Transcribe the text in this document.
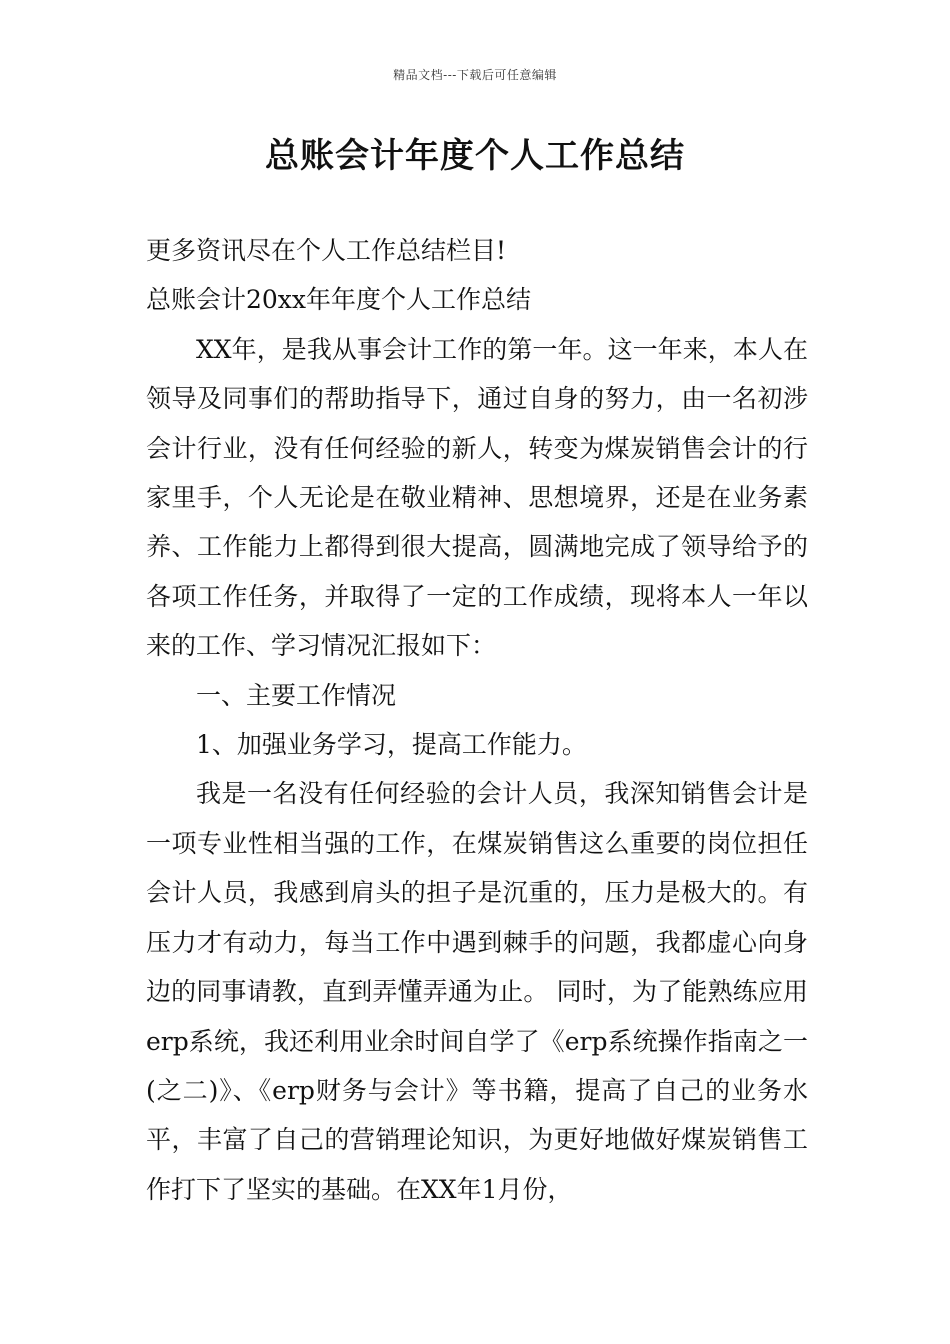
精品文档---下载后可任意编辑
总账会计年度个人工作总结

更多资讯尽在个人工作总结栏目!

总账会计20xx年年度个人工作总结

XX年，是我从事会计工作的第一年。这一年来，本人在领导及同事们的帮助指导下，通过自身的努力，由一名初涉会计行业，没有任何经验的新人，转变为煤炭销售会计的行家里手，个人无论是在敬业精神、思想境界，还是在业务素养、工作能力上都得到很大提高，圆满地完成了领导给予的各项工作任务，并取得了一定的工作成绩，现将本人一年以来的工作、学习情况汇报如下：

一、主要工作情况

1、加强业务学习，提高工作能力。

我是一名没有任何经验的会计人员，我深知销售会计是一项专业性相当强的工作，在煤炭销售这么重要的岗位担任会计人员，我感到肩头的担子是沉重的，压力是极大的。有压力才有动力，每当工作中遇到棘手的问题，我都虚心向身边的同事请教，直到弄懂弄通为止。 同时，为了能熟练应用erp系统，我还利用业余时间自学了《erp系统操作指南之一(之二)》、《erp财务与会计》等书籍，提高了自己的业务水平，丰富了自己的营销理论知识，为更好地做好煤炭销售工作打下了坚实的基础。在XX年1月份，
